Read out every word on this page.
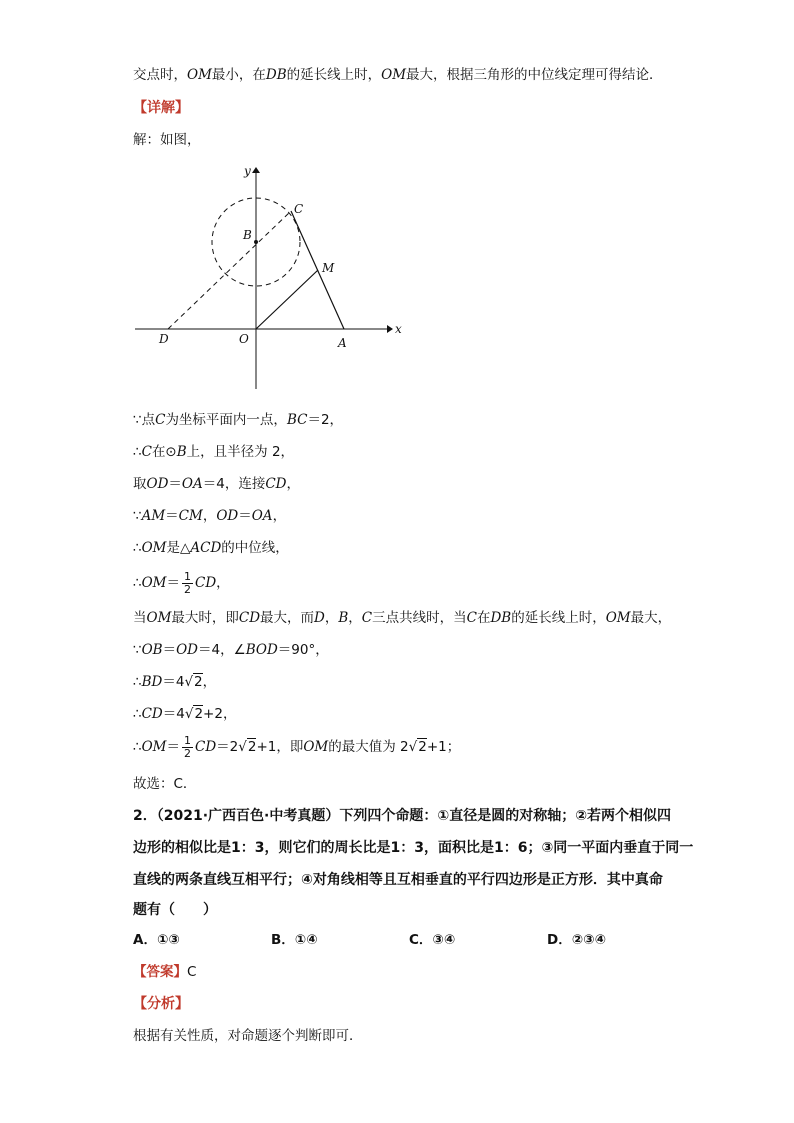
交点时，OM最小，在DB的延长线上时，OM最大，根据三角形的中位线定理可得结论．
【详解】
解：如图，
y
x
C
B
M
D	O	A
∵点C为坐标平面内一点，BC＝2，
∴C在⊙B上，且半径为 2，
取OD＝OA＝4，连接CD，
∵AM＝CM，OD＝OA，
∴OM是△ACD的中位线，
∴OM＝ $\frac{1}{2}$ CD，
当OM最大时，即CD最大，而D，B，C三点共线时，当C在DB的延长线上时，OM最大，
∵OB＝OD＝4，∠BOD＝90°，
∴BD＝4√2，
∴CD＝4√2+2，
∴OM＝ $\frac{1}{2} CD=2√2+1$，即OM的最大值为 2√2+1；
故选：C．
2．（2021·广西百色·中考真题）下列四个命题：①直径是圆的对称轴；②若两个相似四
边形的相似比是1：3，则它们的周长比是1：3，面积比是1：6；③同一平面内垂直于同一
直线的两条直线互相平行；④对角线相等且互相垂直的平行四边形是正方形．其中真命
题有（　　）
A．①③	B．①④	C．③④	D．②③④
【答案】C
【分析】
根据有关性质，对命题逐个判断即可．
